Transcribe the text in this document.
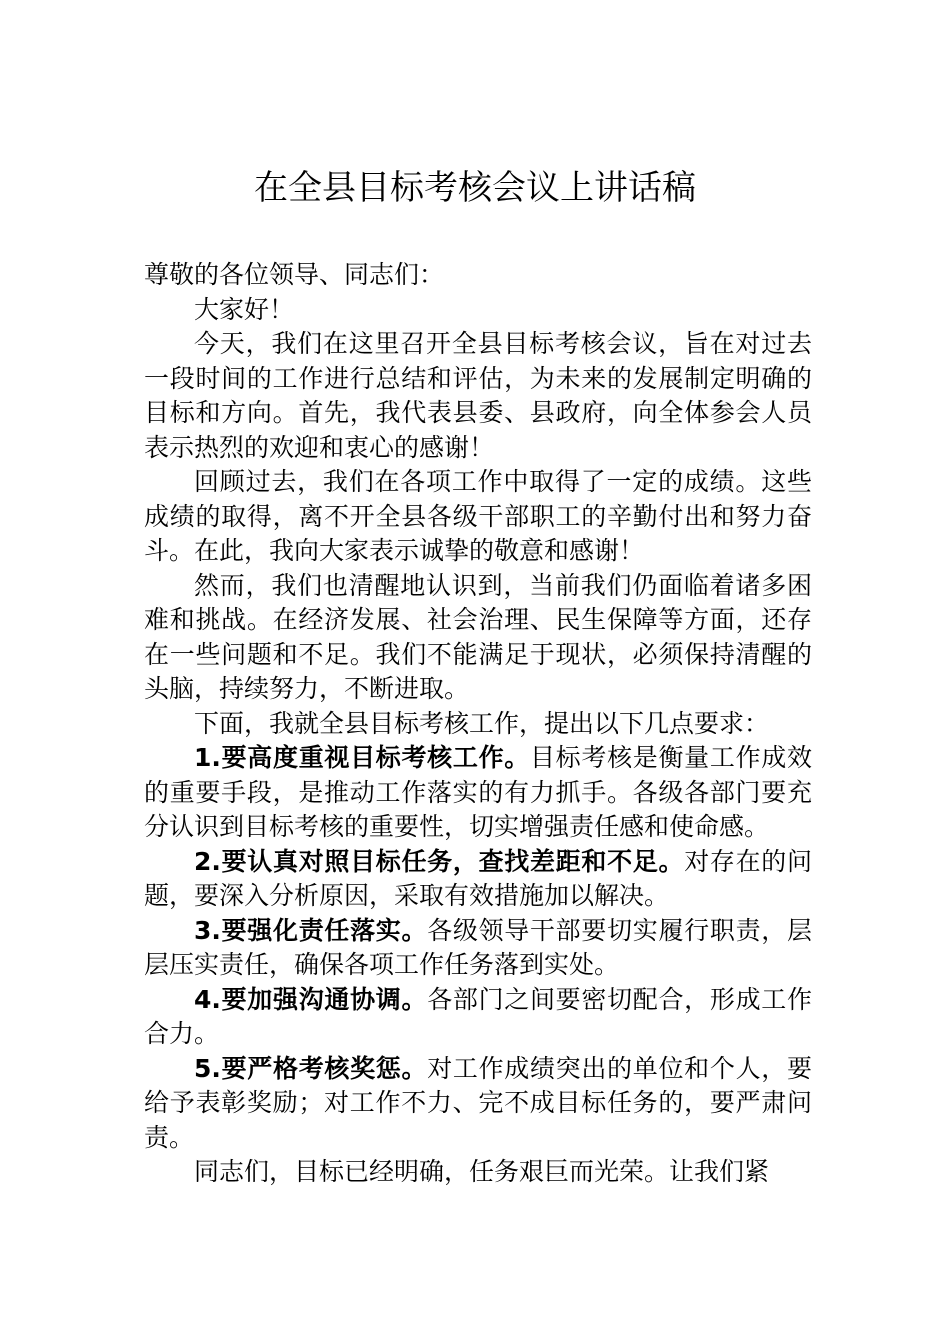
在全县目标考核会议上讲话稿

尊敬的各位领导、同志们：

大家好！

今天，我们在这里召开全县目标考核会议，旨在对过去一段时间的工作进行总结和评估，为未来的发展制定明确的目标和方向。首先，我代表县委、县政府，向全体参会人员表示热烈的欢迎和衷心的感谢！

回顾过去，我们在各项工作中取得了一定的成绩。这些成绩的取得，离不开全县各级干部职工的辛勤付出和努力奋斗。在此，我向大家表示诚挚的敬意和感谢！

然而，我们也清醒地认识到，当前我们仍面临着诸多困难和挑战。在经济发展、社会治理、民生保障等方面，还存在一些问题和不足。我们不能满足于现状，必须保持清醒的头脑，持续努力，不断进取。

下面，我就全县目标考核工作，提出以下几点要求：

1.要高度重视目标考核工作。目标考核是衡量工作成效的重要手段，是推动工作落实的有力抓手。各级各部门要充分认识到目标考核的重要性，切实增强责任感和使命感。

2.要认真对照目标任务，查找差距和不足。对存在的问题，要深入分析原因，采取有效措施加以解决。

3.要强化责任落实。各级领导干部要切实履行职责，层层压实责任，确保各项工作任务落到实处。

4.要加强沟通协调。各部门之间要密切配合，形成工作合力。

5.要严格考核奖惩。对工作成绩突出的单位和个人，要给予表彰奖励；对工作不力、完不成目标任务的，要严肃问责。

同志们，目标已经明确，任务艰巨而光荣。让我们紧
